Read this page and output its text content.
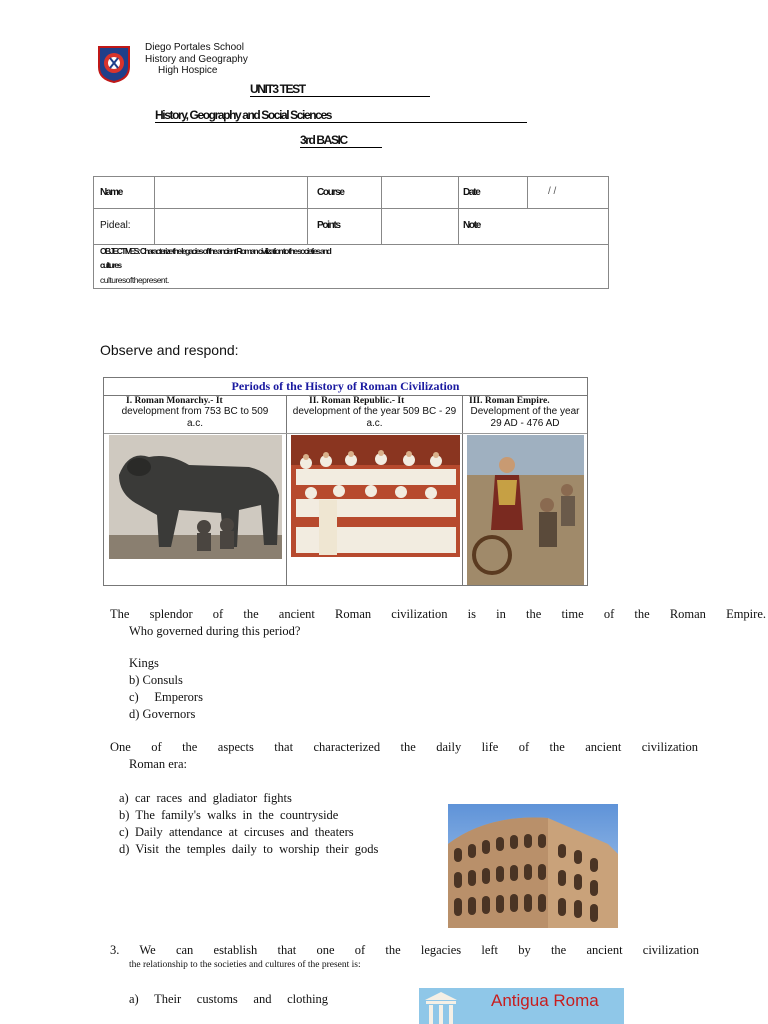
Diego Portales School
History and Geography
High Hospice
UNIT3 TEST
History, Geography and Social Sciences
3rd BASIC
Name	Course	Date	/ /
Pideal:	Points	Note
OBJECTIVES: Characterize the legacies of the ancient Roman civilization to the societies and
cultures
culturesofthepresent.
Observe and respond:
Periods of the History of Roman Civilization
I. Roman Monarchy.- It
development from 753 BC to 509
a.c.
II. Roman Republic.- It
development of the year 509 BC - 29
a.c.
III. Roman Empire.
Development of the year
29 AD - 476 AD
The splendor of the ancient Roman civilization is in the time of the Roman Empire.
Who governed during this period?
Kings
b) Consuls
c)     Emperors
d) Governors
One of the aspects that characterized the daily life of the ancient civilization
Roman era:
a)  car  races  and  gladiator  fights
b)  The  family's  walks  in  the  countryside
c)  Daily  attendance  at  circuses  and  theaters
d)  Visit  the  temples  daily  to  worship  their  gods
3. We can establish that one of the legacies left by the ancient civilization
the relationship to the societies and cultures of the present is:
a)     Their     customs     and     clothing	Antigua Roma
